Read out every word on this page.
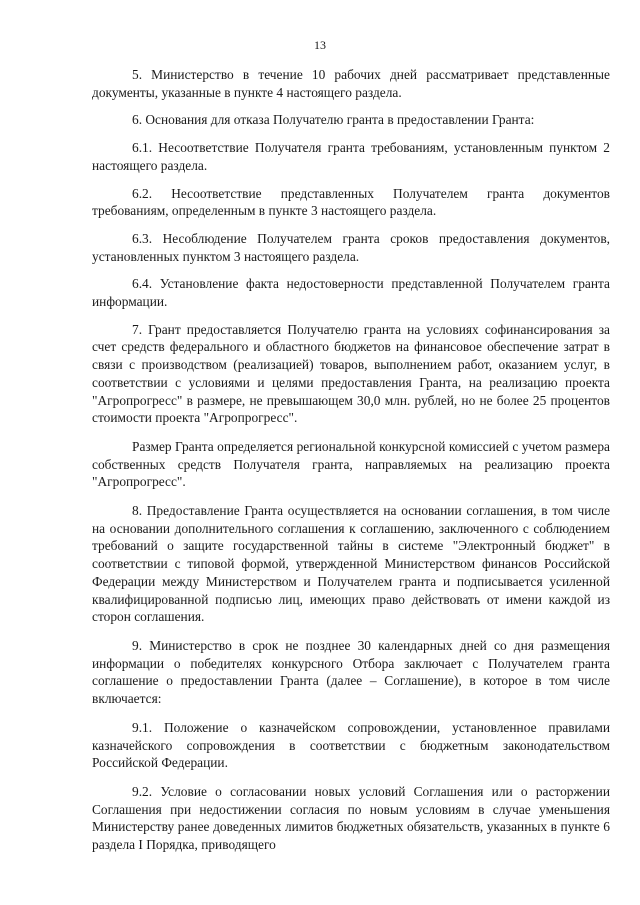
13

5. Министерство в течение 10 рабочих дней рассматривает представленные документы, указанные в пункте 4 настоящего раздела.

6. Основания для отказа Получателю гранта в предоставлении Гранта:

6.1. Несоответствие Получателя гранта требованиям, установленным пунктом 2 настоящего раздела.

6.2. Несоответствие представленных Получателем гранта документов требованиям, определенным в пункте 3 настоящего раздела.

6.3. Несоблюдение Получателем гранта сроков предоставления документов, установленных пунктом 3 настоящего раздела.

6.4. Установление факта недостоверности представленной Получателем гранта информации.

7. Грант предоставляется Получателю гранта на условиях софинансирования за счет средств федерального и областного бюджетов на финансовое обеспечение затрат в связи с производством (реализацией) товаров, выполнением работ, оказанием услуг, в соответствии с условиями и целями предоставления Гранта, на реализацию проекта "Агропрогресс" в размере, не превышающем 30,0 млн. рублей, но не более 25 процентов стоимости проекта "Агропрогресс".

Размер Гранта определяется региональной конкурсной комиссией с учетом размера собственных средств Получателя гранта, направляемых на реализацию проекта "Агропрогресс".

8. Предоставление Гранта осуществляется на основании соглашения, в том числе на основании дополнительного соглашения к соглашению, заключенного с соблюдением требований о защите государственной тайны в системе "Электронный бюджет" в соответствии с типовой формой, утвержденной Министерством финансов Российской Федерации между Министерством и Получателем гранта и подписывается усиленной квалифицированной подписью лиц, имеющих право действовать от имени каждой из сторон соглашения.

9. Министерство в срок не позднее 30 календарных дней со дня размещения информации о победителях конкурсного Отбора заключает с Получателем гранта соглашение о предоставлении Гранта (далее – Соглашение), в которое в том числе включается:

9.1. Положение о казначейском сопровождении, установленное правилами казначейского сопровождения в соответствии с бюджетным законодательством Российской Федерации.

9.2. Условие о согласовании новых условий Соглашения или о расторжении Соглашения при недостижении согласия по новым условиям в случае уменьшения Министерству ранее доведенных лимитов бюджетных обязательств, указанных в пункте 6 раздела I Порядка, приводящего
